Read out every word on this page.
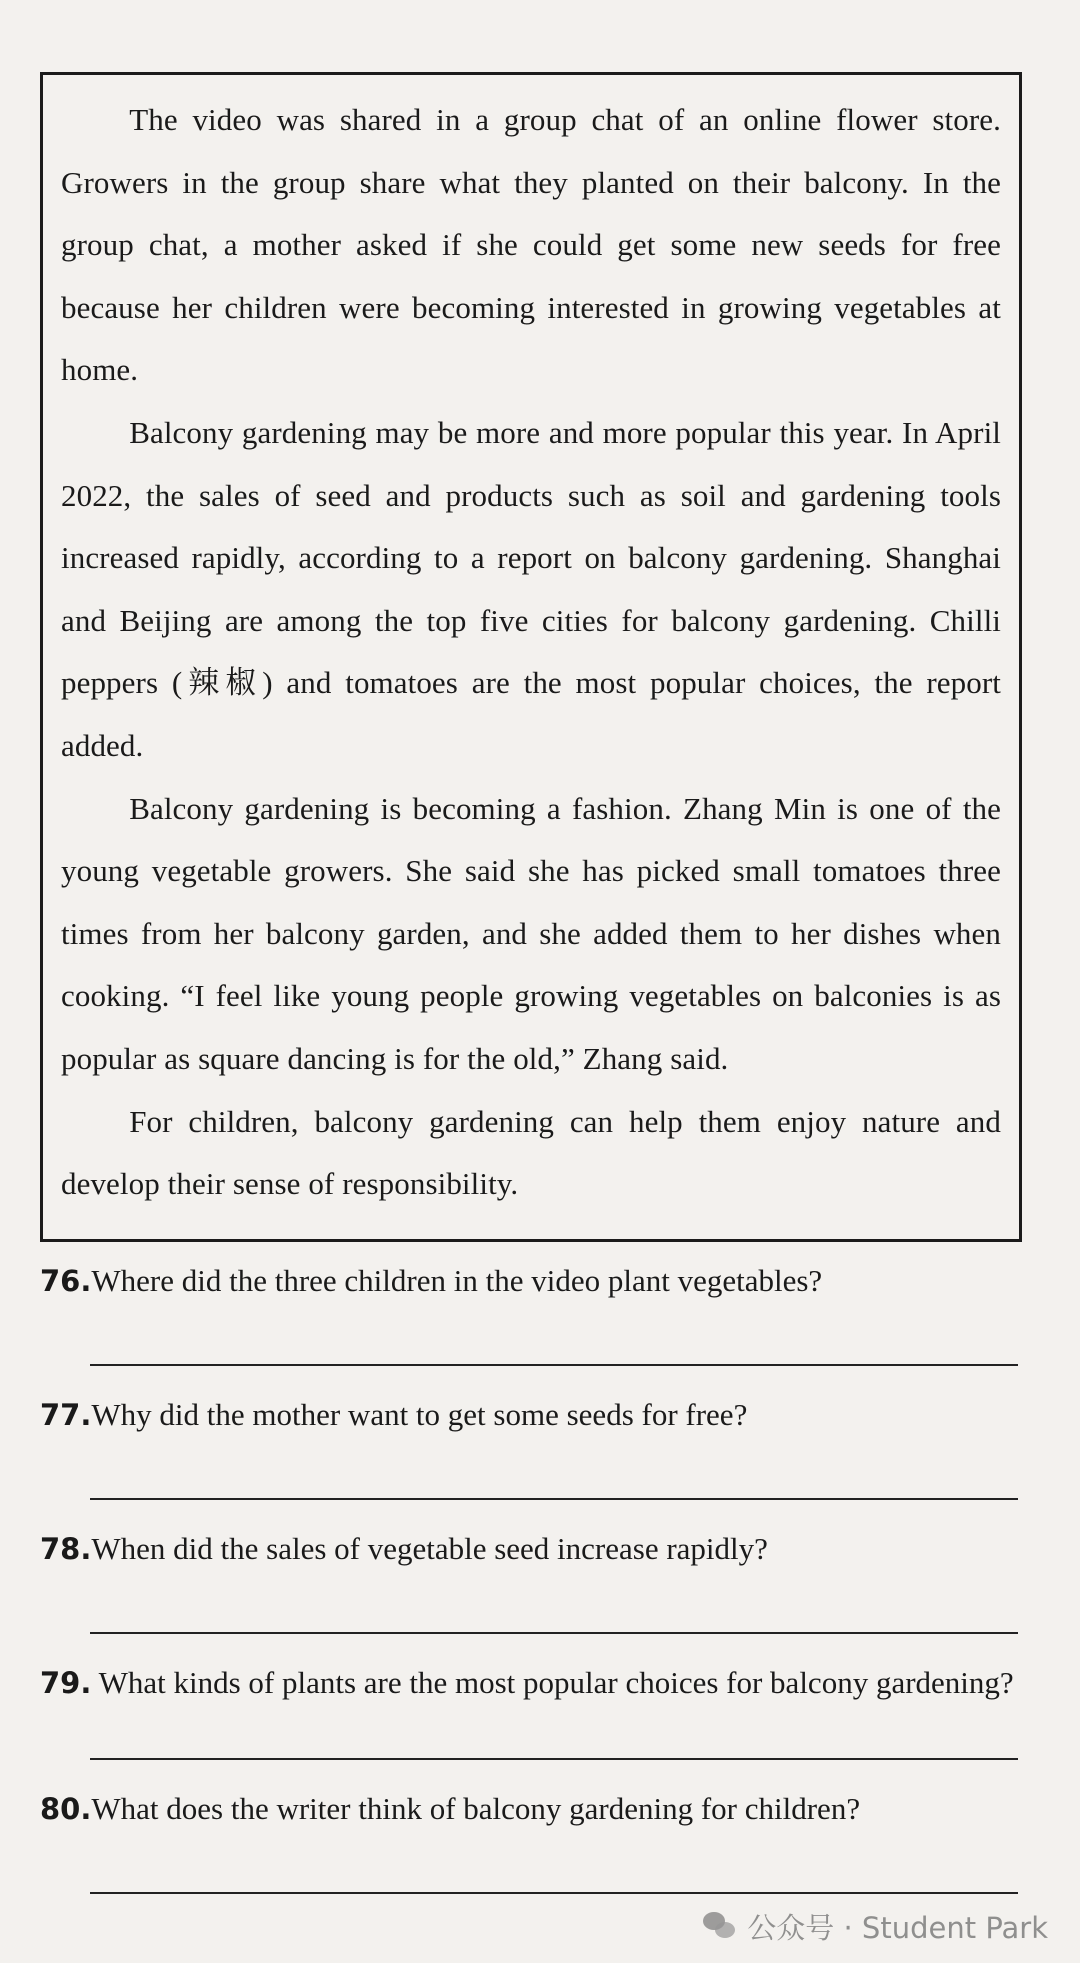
The video was shared in a group chat of an online flower store. Growers in the group share what they planted on their balcony. In the group chat, a mother asked if she could get some new seeds for free because her children were becoming interested in growing vegetables at home.

Balcony gardening may be more and more popular this year. In April 2022, the sales of seed and products such as soil and gardening tools increased rapidly, according to a report on balcony gardening. Shanghai and Beijing are among the top five cities for balcony gardening. Chilli peppers (辣椒) and tomatoes are the most popular choices, the report added.

Balcony gardening is becoming a fashion. Zhang Min is one of the young vegetable growers. She said she has picked small tomatoes three times from her balcony garden, and she added them to her dishes when cooking. “I feel like young people growing vegetables on balconies is as popular as square dancing is for the old,” Zhang said.

For children, balcony gardening can help them enjoy nature and develop their sense of responsibility.

76.Where did the three children in the video plant vegetables?

77.Why did the mother want to get some seeds for free?

78.When did the sales of vegetable seed increase rapidly?

79. What kinds of plants are the most popular choices for balcony gardening?

80.What does the writer think of balcony gardening for children?

公众号 · Student Park
